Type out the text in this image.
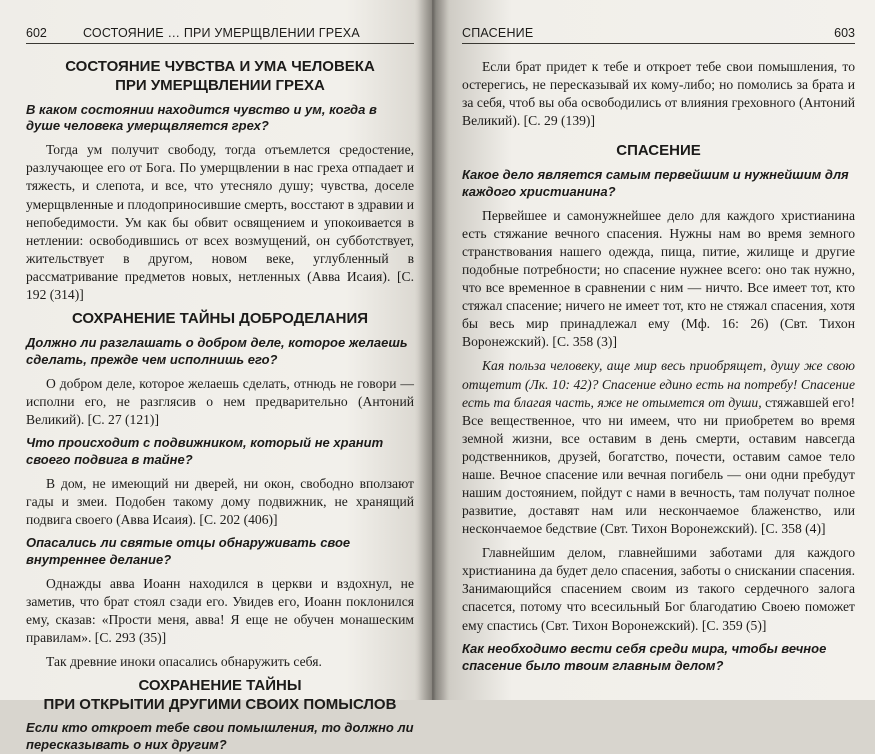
602	СОСТОЯНИЕ … ПРИ УМЕРЩВЛЕНИИ ГРЕХА
СОСТОЯНИЕ ЧУВСТВА И УМА ЧЕЛОВЕКА
ПРИ УМЕРЩВЛЕНИИ ГРЕХА
В каком состоянии находится чувство и ум, когда в душе человека умерщвляется грех?

Тогда ум получит свободу, тогда отъемлется средостение, разлучающее его от Бога. По умерщвлении в нас греха отпадает и тяжесть, и слепота, и все, что утесняло душу; чувства, доселе умерщвленные и плодоприносившие смерть, восстают в здравии и непобедимости. Ум как бы обвит освящением и упокоивается в нетлении: освободившись от всех возмущений, он субботствует, жительствует в другом, новом веке, углубленный в рассматривание предметов новых, нетленных (Авва Исаия). [С. 192 (314)]

СОХРАНЕНИЕ ТАЙНЫ ДОБРОДЕЛАНИЯ
Должно ли разглашать о добром деле, которое желаешь сделать, прежде чем исполнишь его?

О добром деле, которое желаешь сделать, отнюдь не говори — исполни его, не разглясив о нем предварительно (Антоний Великий). [С. 27 (121)]

Что происходит с подвижником, который не хранит своего подвига в тайне?

В дом, не имеющий ни дверей, ни окон, свободно вползают гады и змеи. Подобен такому дому подвижник, не хранящий подвига своего (Авва Исаия). [С. 202 (406)]

Опасались ли святые отцы обнаруживать свое внутреннее делание?

Однажды авва Иоанн находился в церкви и вздохнул, не заметив, что брат стоял сзади его. Увидев его, Иоанн поклонился ему, сказав: «Прости меня, авва! Я еще не обучен монашеским правилам». [С. 293 (35)]

Так древние иноки опасались обнаружить себя.

СОХРАНЕНИЕ ТАЙНЫ
ПРИ ОТКРЫТИИ ДРУГИМИ СВОИХ ПОМЫСЛОВ
Если кто откроет тебе свои помышления, то должно ли пересказывать о них другим?
СПАСЕНИЕ	603

Если брат придет к тебе и откроет тебе свои помышления, то остерегись, не пересказывай их кому-либо; но помолись за брата и за себя, чтоб вы оба освободились от влияния греховного (Антоний Великий). [С. 29 (139)]

СПАСЕНИЕ
Какое дело является самым первейшим и нужнейшим для каждого христианина?

Первейшее и самонужнейшее дело для каждого христианина есть стяжание вечного спасения. Нужны нам во время земного странствования нашего одежда, пища, питие, жилище и другие подобные потребности; но спасение нужнее всего: оно так нужно, что все временное в сравнении с ним — ничто. Все имеет тот, кто стяжал спасение; ничего не имеет тот, кто не стяжал спасения, хотя бы весь мир принадлежал ему (Мф. 16: 26) (Свт. Тихон Воронежский). [С. 358 (3)]

Кая польза человеку, аще мир весь приобрящет, душу же свою отщетит (Лк. 10: 42)? Спасение едино есть на потребу! Спасение есть та благая часть, яже не отымется от души, стяжавшей его! Все вещественное, что ни имеем, что ни приобретем во время земной жизни, все оставим в день смерти, оставим навсегда родственников, друзей, богатство, почести, оставим самое тело наше. Вечное спасение или вечная погибель — они одни пребудут нашим достоянием, пойдут с нами в вечность, там получат полное развитие, доставят нам или нескончаемое блаженство, или нескончаемое бедствие (Свт. Тихон Воронежский). [С. 358 (4)]

Главнейшим делом, главнейшими заботами для каждого христианина да будет дело спасения, заботы о снискании спасения. Занимающийся спасением своим из такого сердечного залога спасется, потому что всесильный Бог благодатию Своею поможет ему спастись (Свт. Тихон Воронежский). [С. 359 (5)]

Как необходимо вести себя среди мира, чтобы вечное спасение было твоим главным делом?
